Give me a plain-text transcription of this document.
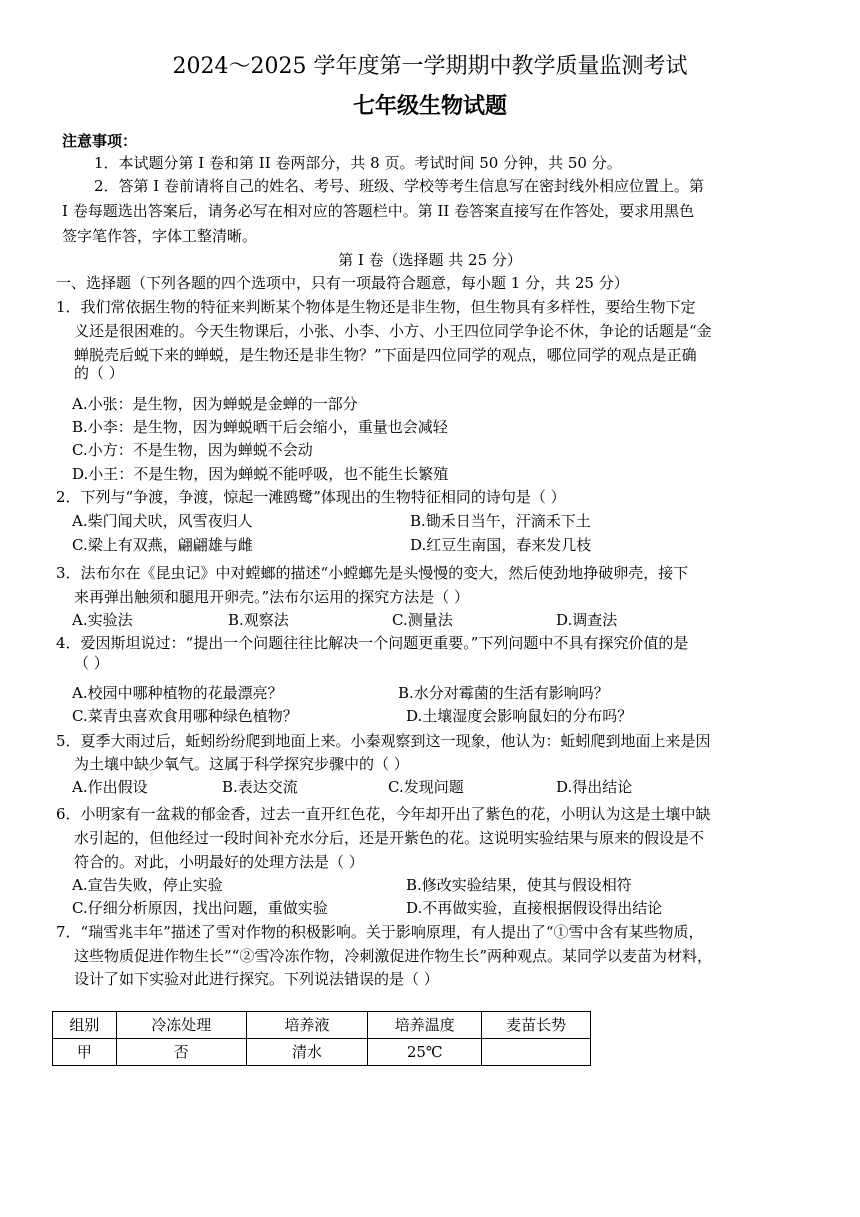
2024～2025 学年度第一学期期中教学质量监测考试
七年级生物试题
注意事项：
1．本试题分第 I 卷和第 II 卷两部分，共 8 页。考试时间 50 分钟，共 50 分。
2．答第 I 卷前请将自己的姓名、考号、班级、学校等考生信息写在密封线外相应位置上。第
I 卷每题选出答案后，请务必写在相对应的答题栏中。第 II 卷答案直接写在作答处，要求用黑色
签字笔作答，字体工整清晰。
第 I 卷（选择题 共 25 分）
一、选择题（下列各题的四个选项中，只有一项最符合题意，每小题 1 分，共 25 分）
1．我们常依据生物的特征来判断某个物体是生物还是非生物，但生物具有多样性，要给生物下定
义还是很困难的。今天生物课后，小张、小李、小方、小王四位同学争论不休，争论的话题是“金
蝉脱壳后蜕下来的蝉蜕，是生物还是非生物？”下面是四位同学的观点，哪位同学的观点是正确
的（ ）
A.小张：是生物，因为蝉蜕是金蝉的一部分
B.小李：是生物，因为蝉蜕晒干后会缩小，重量也会减轻
C.小方：不是生物，因为蝉蜕不会动
D.小王：不是生物，因为蝉蜕不能呼吸，也不能生长繁殖
2．下列与“争渡，争渡，惊起一滩鸥鹭”体现出的生物特征相同的诗句是（ ）
A.柴门闻犬吠，风雪夜归人	B.锄禾日当午，汗滴禾下土
C.梁上有双燕，翩翩雄与雌	D.红豆生南国，春来发几枝
3．法布尔在《昆虫记》中对螳螂的描述“小螳螂先是头慢慢的变大，然后使劲地挣破卵壳，接下
来再弹出触须和腿甩开卵壳。”法布尔运用的探究方法是（ ）
A.实验法	B.观察法	C.测量法	D.调查法
4．爱因斯坦说过：“提出一个问题往往比解决一个问题更重要。”下列问题中不具有探究价值的是
（ ）
A.校园中哪种植物的花最漂亮？	B.水分对霉菌的生活有影响吗？
C.菜青虫喜欢食用哪种绿色植物？	D.土壤湿度会影响鼠妇的分布吗？
5．夏季大雨过后，蚯蚓纷纷爬到地面上来。小秦观察到这一现象，他认为：蚯蚓爬到地面上来是因
为土壤中缺少氧气。这属于科学探究步骤中的（ ）
A.作出假设	B.表达交流	C.发现问题	D.得出结论
6．小明家有一盆栽的郁金香，过去一直开红色花，今年却开出了紫色的花，小明认为这是土壤中缺
水引起的，但他经过一段时间补充水分后，还是开紫色的花。这说明实验结果与原来的假设是不
符合的。对此，小明最好的处理方法是（ ）
A.宣告失败，停止实验	B.修改实验结果，使其与假设相符
C.仔细分析原因，找出问题，重做实验	D.不再做实验，直接根据假设得出结论
7．“瑞雪兆丰年”描述了雪对作物的积极影响。关于影响原理，有人提出了“①雪中含有某些物质，
这些物质促进作物生长”“②雪冷冻作物，冷刺激促进作物生长”两种观点。某同学以麦苗为材料，
设计了如下实验对此进行探究。下列说法错误的是（ ）
组别	冷冻处理	培养液	培养温度	麦苗长势
甲	否	清水	25℃	
